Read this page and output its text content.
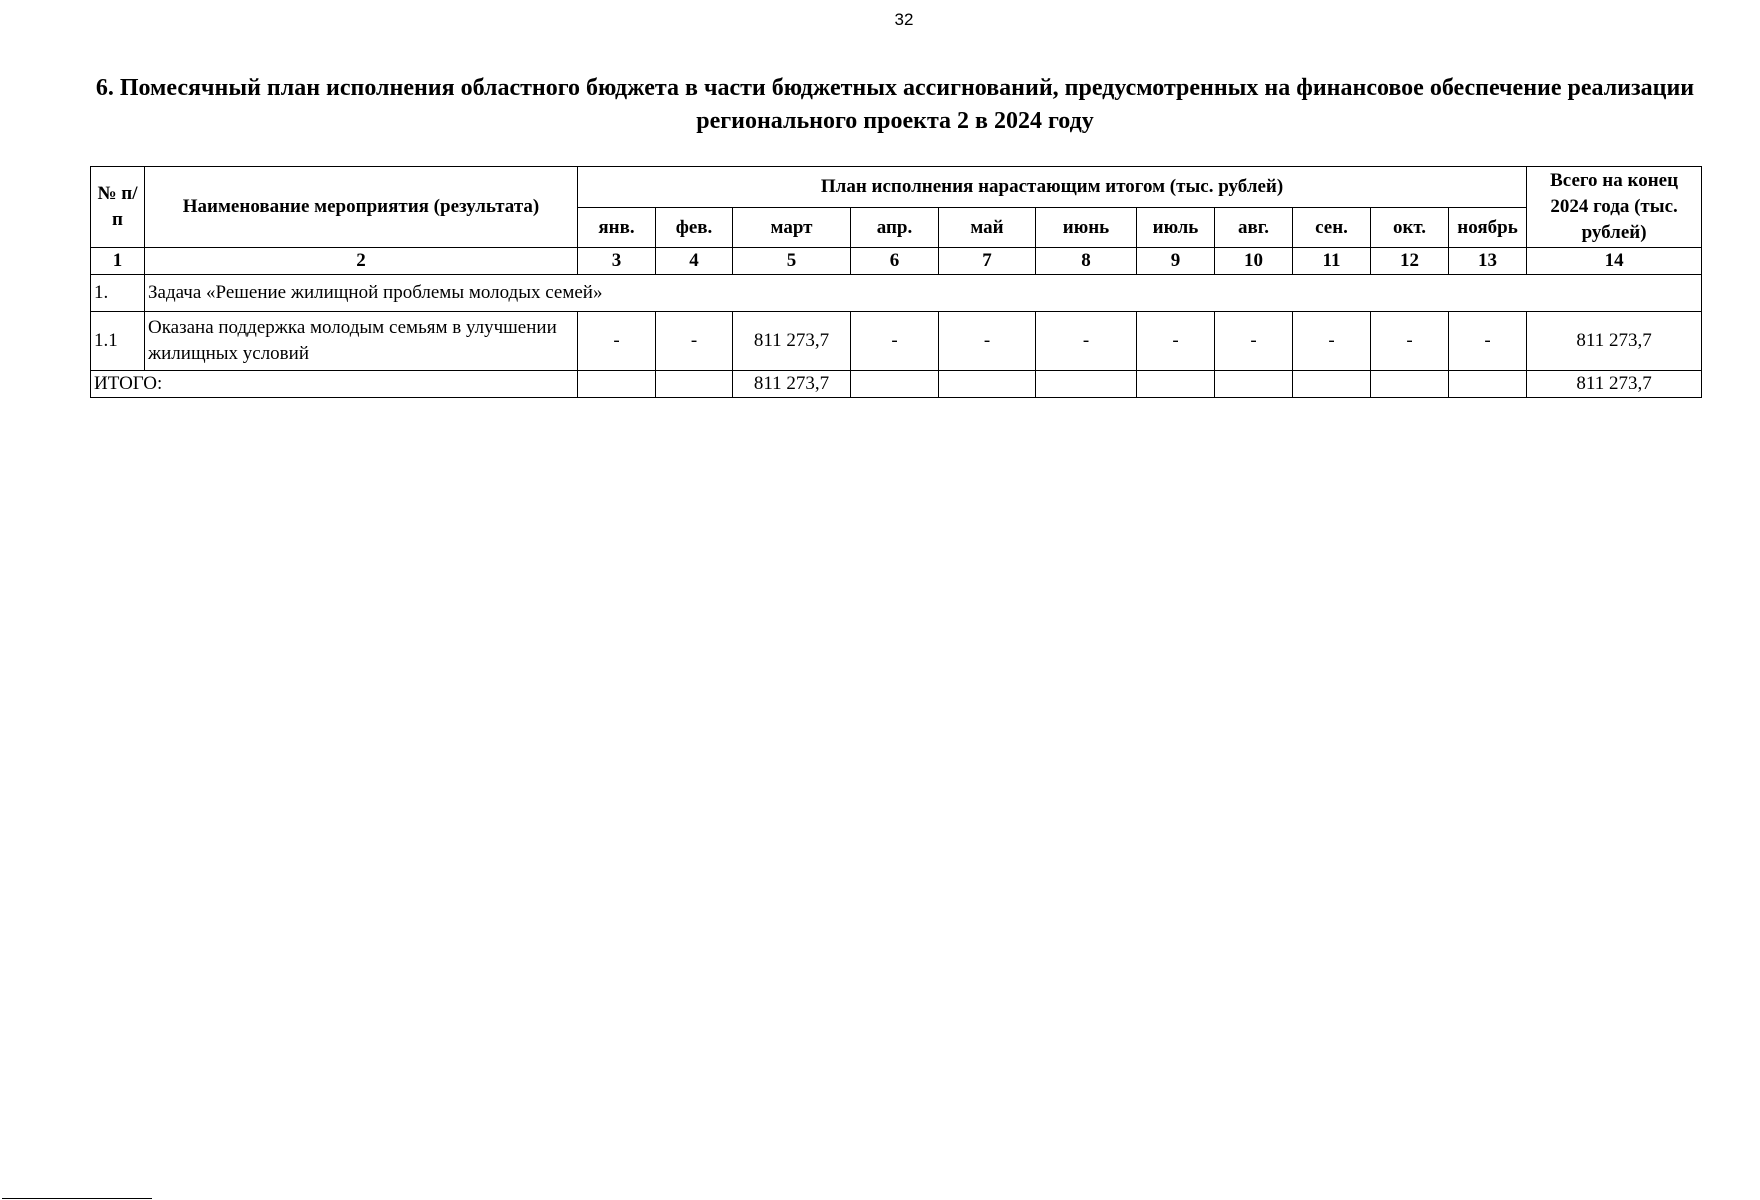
32
6. Помесячный план исполнения областного бюджета в части бюджетных ассигнований, предусмотренных на финансовое обеспечение реализации регионального проекта 2 в 2024 году
№ п/п	Наименование мероприятия (результата)	План исполнения нарастающим итогом (тыс. рублей)											Всего на конец 2024 года (тыс. рублей)
		янв.	фев.	март	апр.	май	июнь	июль	авг.	сен.	окт.	ноябрь	
1	2	3	4	5	6	7	8	9	10	11	12	13	14
1.	Задача «Решение жилищной проблемы молодых семей»												
1.1	Оказана поддержка молодым семьям в улучшении жилищных условий	-	-	811 273,7	-	-	-	-	-	-	-	-	811 273,7
ИТОГО:				811 273,7									811 273,7
